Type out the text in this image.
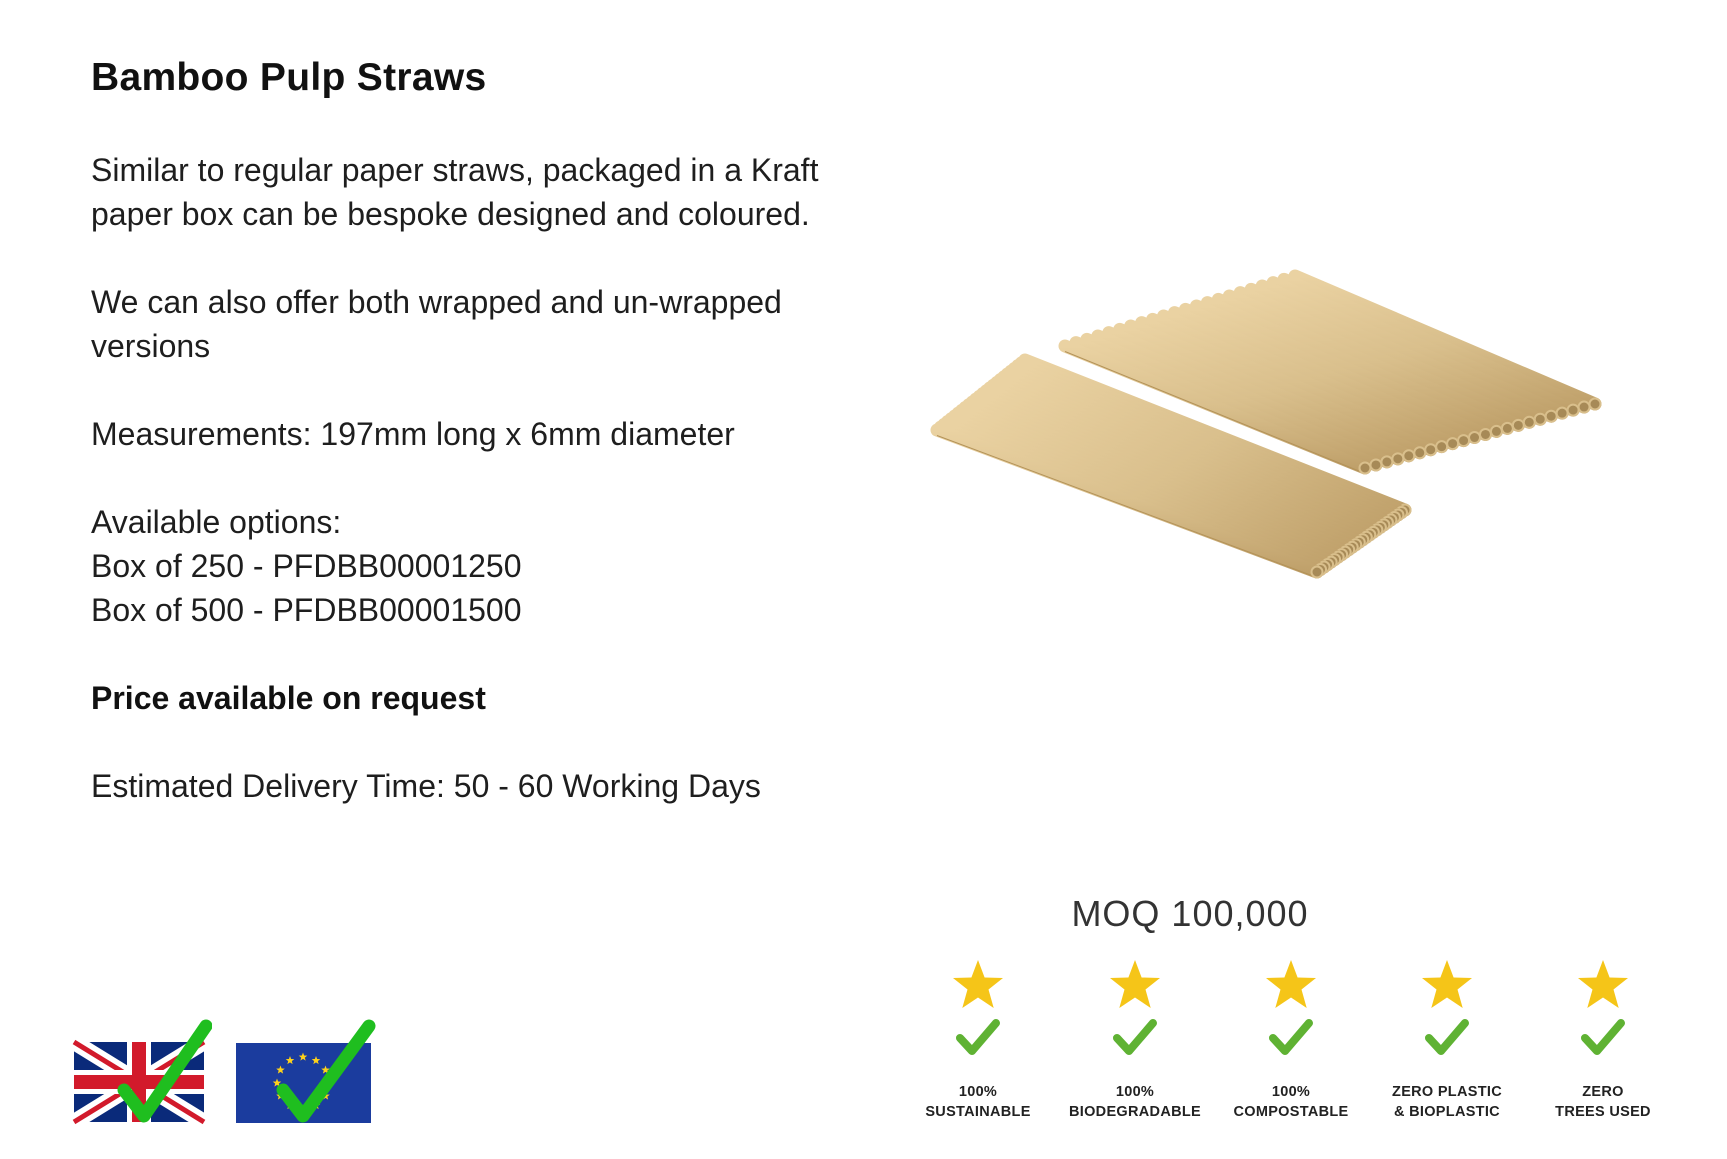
Bamboo Pulp Straws

Similar to regular paper straws, packaged in a Kraft
paper box can be bespoke designed and coloured.

We can also offer both wrapped and un-wrapped
versions

Measurements: 197mm long x 6mm diameter

Available options:
Box of 250 - PFDBB00001250
Box of 500 - PFDBB00001500

Price available on request

Estimated Delivery Time: 50 - 60 Working Days

MOQ 100,000
100%
SUSTAINABLE
100%
BIODEGRADABLE
100%
COMPOSTABLE
ZERO PLASTIC
& BIOPLASTIC
ZERO
TREES USED
